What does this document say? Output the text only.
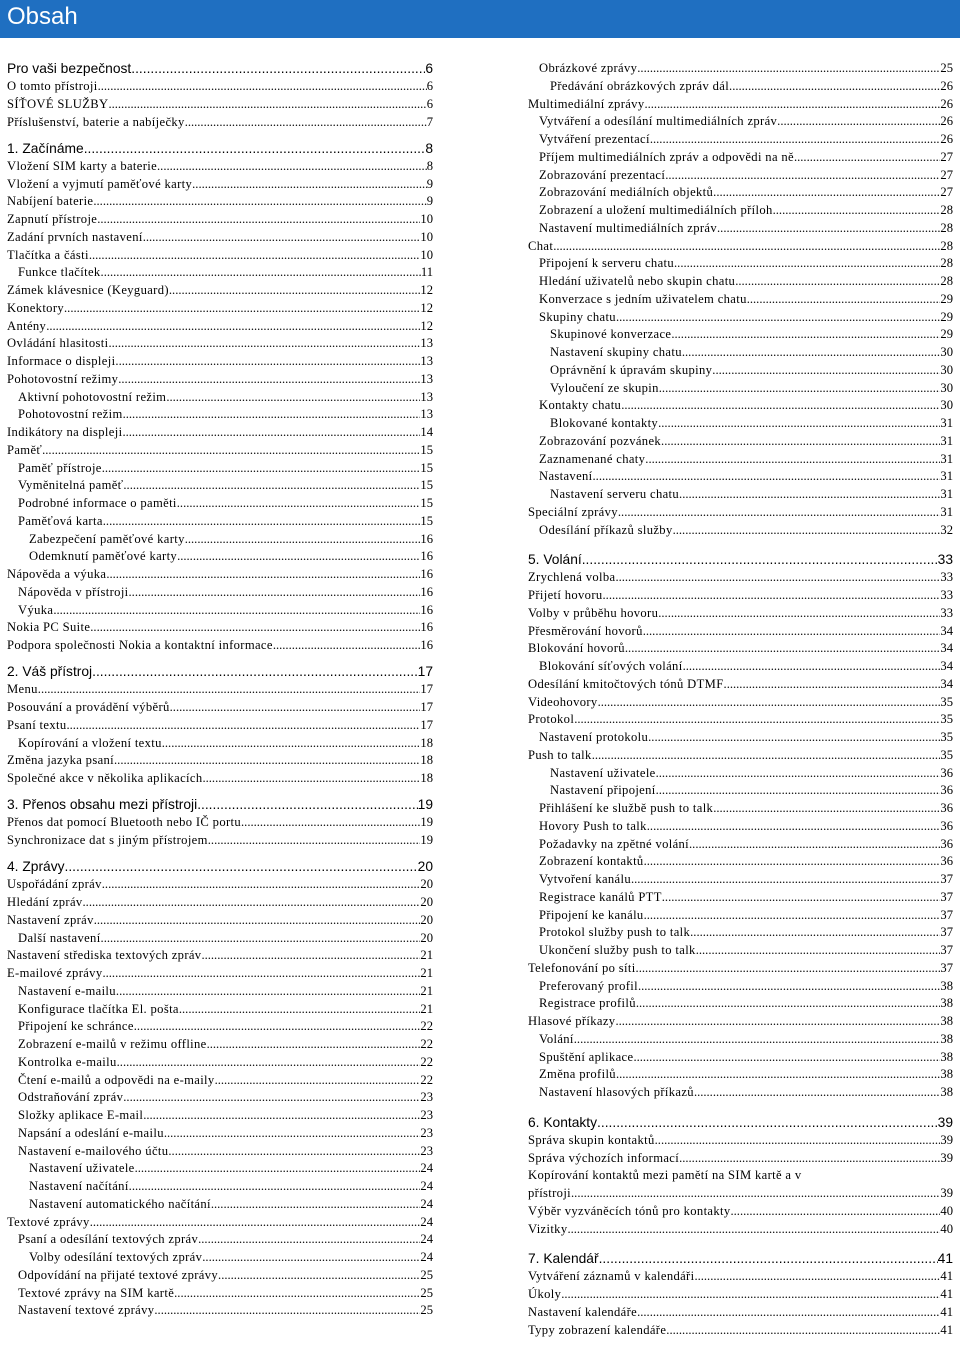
Obsah
Pro vaši bezpečnost .....	6
O tomto přístroji .....	6
SÍŤOVÉ SLUŽBY .....	6
Příslušenství, baterie a nabíječky .....	7
1. Začínáme .....	8
Vložení SIM karty a baterie .....	8
Vložení a vyjmutí paměťové karty .....	9
Nabíjení baterie .....	9
Zapnutí přístroje .....	10
Zadání prvních nastavení .....	10
Tlačítka a části .....	10
Funkce tlačítek .....	11
Zámek klávesnice (Keyguard) .....	12
Konektory .....	12
Antény .....	12
Ovládání hlasitosti .....	13
Informace o displeji .....	13
Pohotovostní režimy .....	13
Aktivní pohotovostní režim .....	13
Pohotovostní režim .....	13
Indikátory na displeji .....	14
Paměť .....	15
Paměť přístroje .....	15
Vyměnitelná paměť .....	15
Podrobné informace o paměti .....	15
Paměťová karta .....	15
Zabezpečení paměťové karty .....	16
Odemknutí paměťové karty .....	16
Nápověda a výuka .....	16
Nápověda v přístroji .....	16
Výuka .....	16
Nokia PC Suite .....	16
Podpora společnosti Nokia a kontaktní informace .....	16
2. Váš přístroj .....	17
Menu .....	17
Posouvání a provádění výběrů .....	17
Psaní textu .....	17
Kopírování a vložení textu .....	18
Změna jazyka psaní .....	18
Společné akce v několika aplikacích .....	18
3. Přenos obsahu mezi přístroji .....	19
Přenos dat pomocí Bluetooth nebo IČ portu .....	19
Synchronizace dat s jiným přístrojem .....	19
4. Zprávy .....	20
Uspořádání zpráv .....	20
Hledání zpráv .....	20
Nastavení zpráv .....	20
Další nastavení .....	20
Nastavení střediska textových zpráv .....	21
E-mailové zprávy .....	21
Nastavení e-mailu .....	21
Konfigurace tlačítka El. pošta .....	21
Připojení ke schránce .....	22
Zobrazení e-mailů v režimu offline .....	22
Kontrolka e-mailu .....	22
Čtení e-mailů a odpovědi na e-maily .....	22
Odstraňování zpráv .....	23
Složky aplikace E-mail .....	23
Napsání a odeslání e-mailu .....	23
Nastavení e-mailového účtu .....	23
Nastavení uživatele .....	24
Nastavení načítání .....	24
Nastavení automatického načítání .....	24
Textové zprávy .....	24
Psaní a odesílání textových zpráv .....	24
Volby odesílání textových zpráv .....	24
Odpovídání na přijaté textové zprávy .....	25
Textové zprávy na SIM kartě .....	25
Nastavení textové zprávy .....	25
Obrázkové zprávy .....	25
Předávání obrázkových zpráv dál .....	26
Multimediální zprávy .....	26
Vytváření a odesílání multimediálních zpráv .....	26
Vytváření prezentací .....	26
Příjem multimediálních zpráv a odpovědi na ně .....	27
Zobrazování prezentací .....	27
Zobrazování mediálních objektů .....	27
Zobrazení a uložení multimediálních příloh .....	28
Nastavení multimediálních zpráv .....	28
Chat .....	28
Připojení k serveru chatu .....	28
Hledání uživatelů nebo skupin chatu .....	28
Konverzace s jedním uživatelem chatu .....	29
Skupiny chatu .....	29
Skupinové konverzace .....	29
Nastavení skupiny chatu .....	30
Oprávnění k úpravám skupiny .....	30
Vyloučení ze skupin .....	30
Kontakty chatu .....	30
Blokované kontakty .....	31
Zobrazování pozvánek .....	31
Zaznamenané chaty .....	31
Nastavení .....	31
Nastavení serveru chatu .....	31
Speciální zprávy .....	31
Odesílání příkazů služby .....	32
5. Volání .....	33
Zrychlená volba .....	33
Přijetí hovoru .....	33
Volby v průběhu hovoru .....	33
Přesměrování hovorů .....	34
Blokování hovorů .....	34
Blokování síťových volání .....	34
Odesílání kmitočtových tónů DTMF .....	34
Videohovory .....	35
Protokol .....	35
Nastavení protokolu .....	35
Push to talk .....	35
Nastavení uživatele .....	36
Nastavení připojení .....	36
Přihlášení ke službě push to talk .....	36
Hovory Push to talk .....	36
Požadavky na zpětné volání .....	36
Zobrazení kontaktů .....	36
Vytvoření kanálu .....	37
Registrace kanálů PTT .....	37
Připojení ke kanálu .....	37
Protokol služby push to talk .....	37
Ukončení služby push to talk .....	37
Telefonování po síti .....	37
Preferovaný profil .....	38
Registrace profilů .....	38
Hlasové příkazy .....	38
Volání .....	38
Spuštění aplikace .....	38
Změna profilů .....	38
Nastavení hlasových příkazů .....	38
6. Kontakty .....	39
Správa skupin kontaktů .....	39
Správa výchozích informací .....	39
Kopírování kontaktů mezi pamětí na SIM kartě a v
přístroji .....	39
Výběr vyzváněcích tónů pro kontakty .....	40
Vizitky .....	40
7. Kalendář .....	41
Vytváření záznamů v kalendáři .....	41
Úkoly .....	41
Nastavení kalendáře .....	41
Typy zobrazení kalendáře .....	41
